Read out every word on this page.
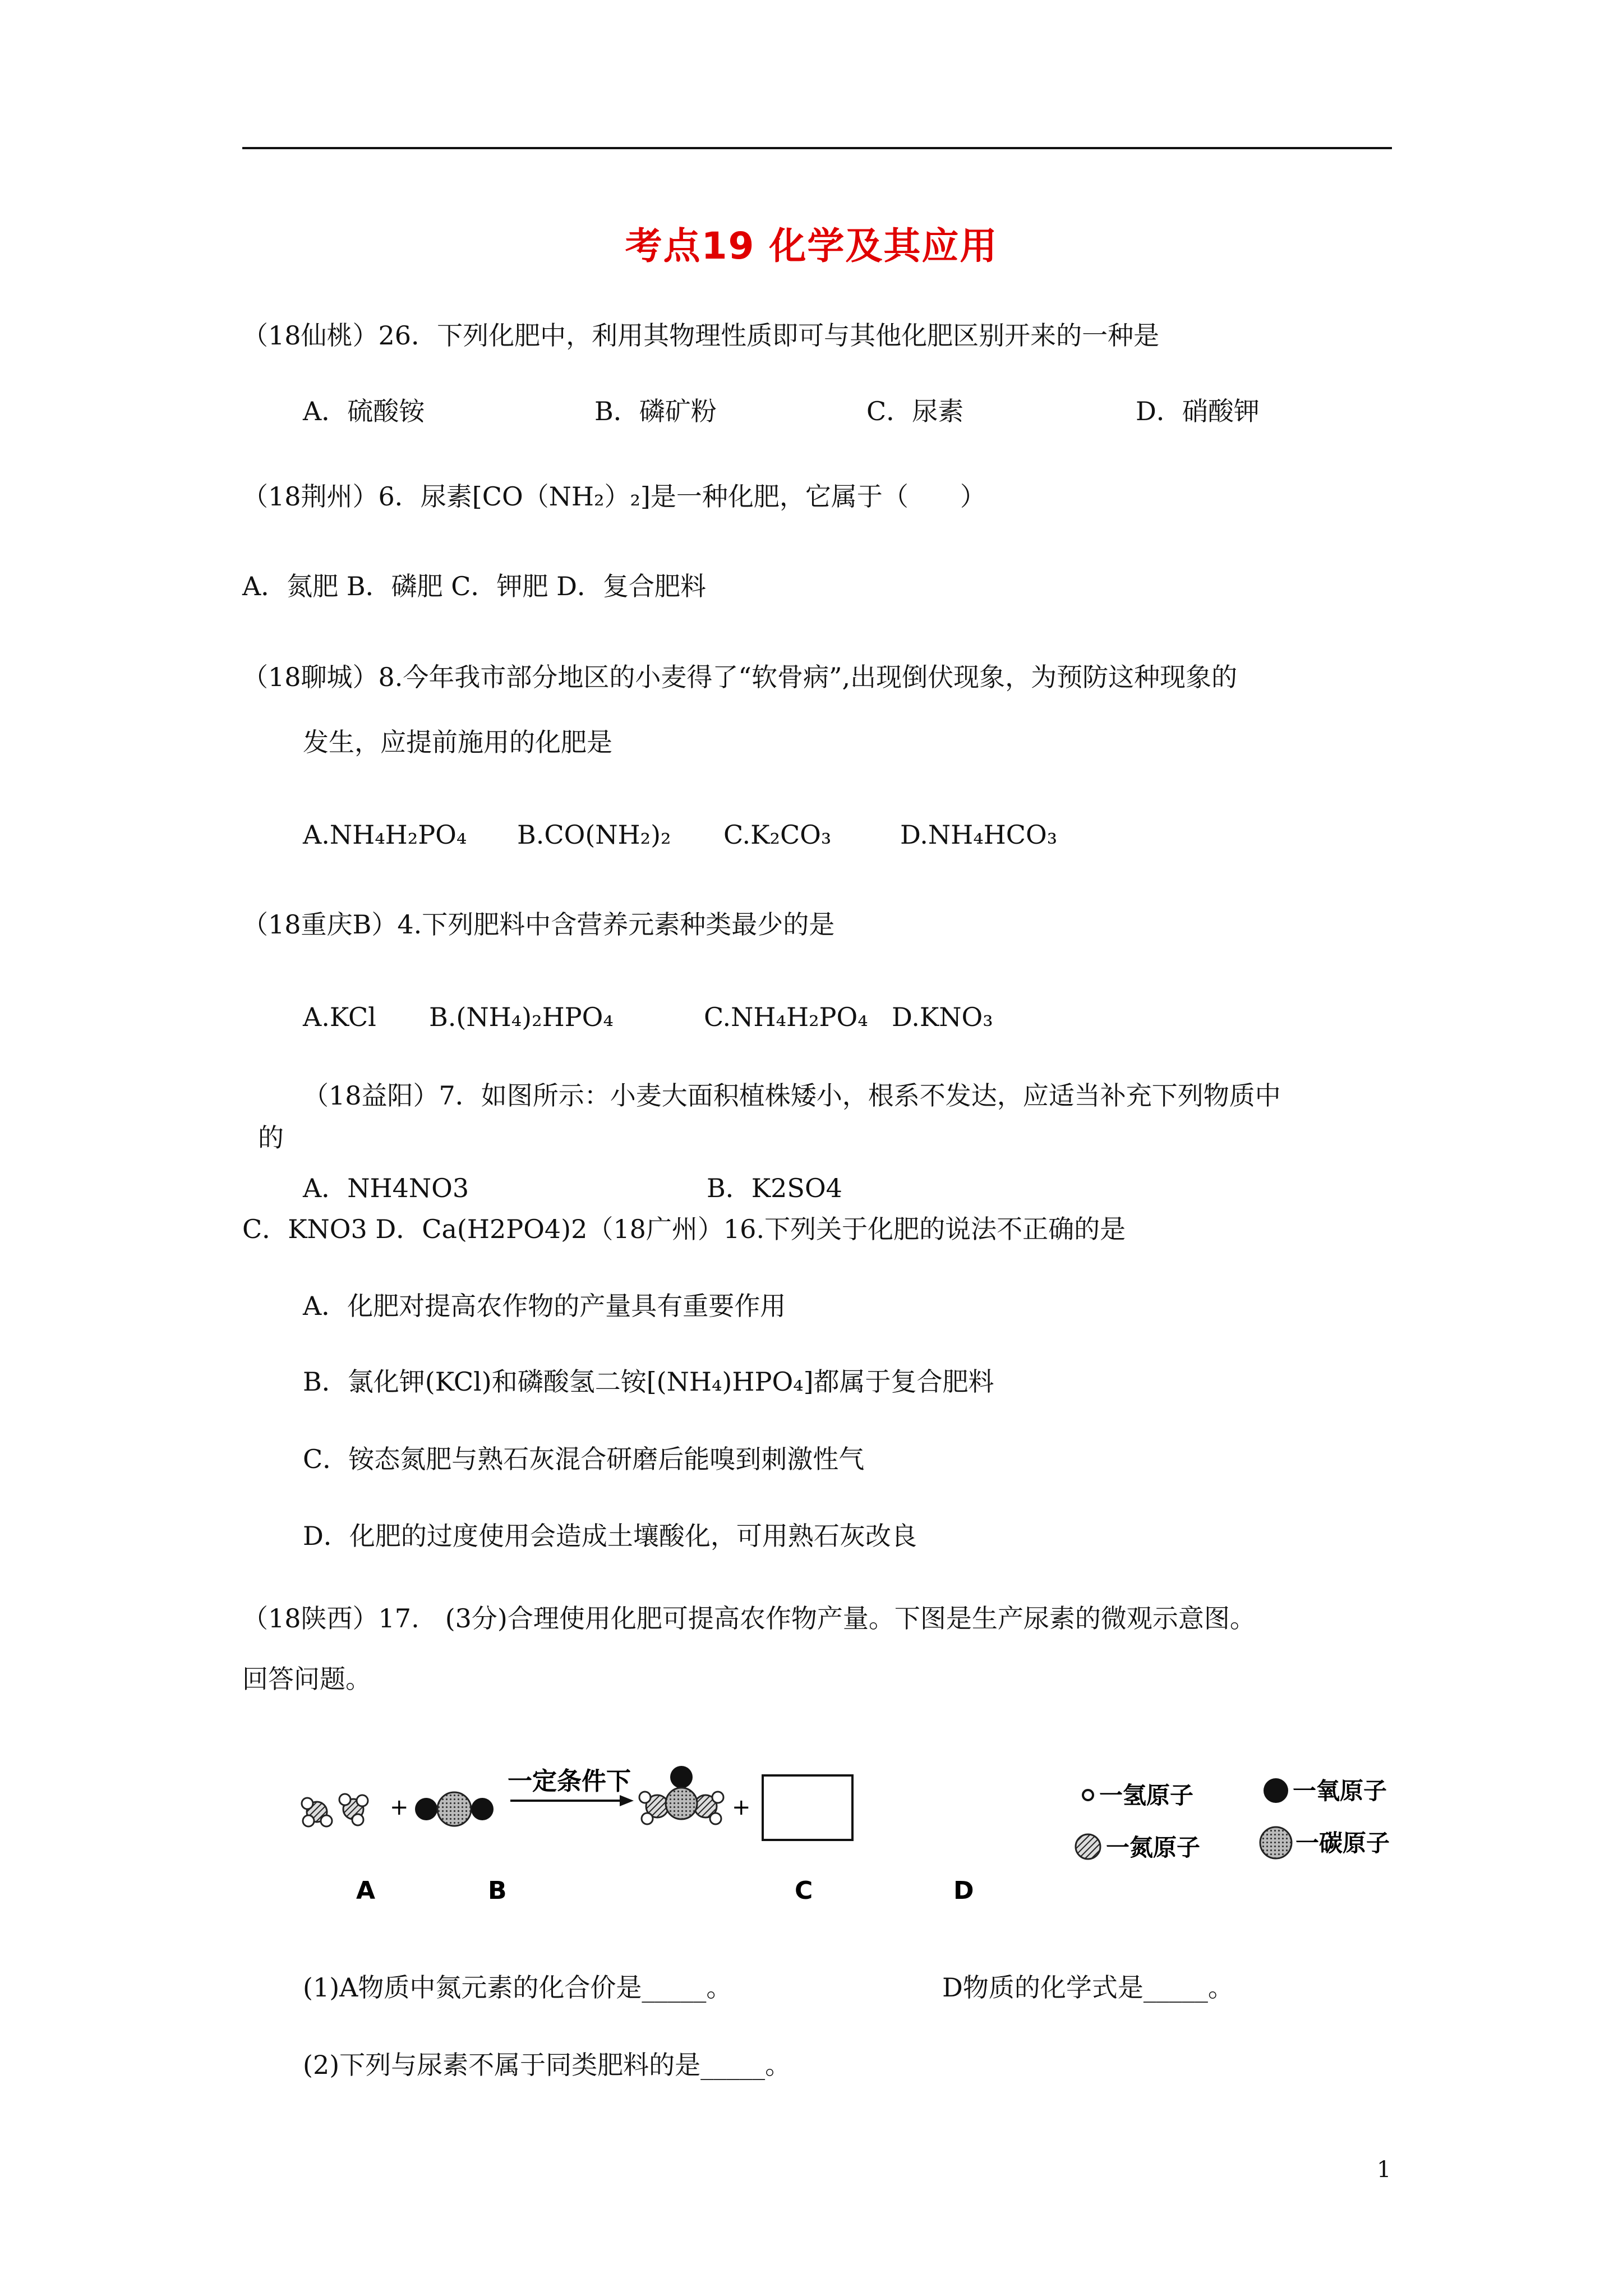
考点19 化学及其应用
（18仙桃）26．下列化肥中，利用其物理性质即可与其他化肥区别开来的一种是
A．硫酸铵	B．磷矿粉	C．尿素	D．硝酸钾
（18荆州）6．尿素[CO（NH₂）₂]是一种化肥，它属于（　　）
A．氮肥 B．磷肥 C．钾肥 D．复合肥料
（18聊城）8.今年我市部分地区的小麦得了“软骨病”,出现倒伏现象，为预防这种现象的
发生，应提前施用的化肥是
A.NH₄H₂PO₄ B.CO(NH₂)₂ C.K₂CO₃	D.NH₄HCO₃
（18重庆B）4.下列肥料中含营养元素种类最少的是
A.KCl B.(NH₄)₂HPO₄	C.NH₄H₂PO₄ D.KNO₃
（18益阳）7．如图所示：小麦大面积植株矮小，根系不发达，应适当补充下列物质中
的
A．NH4NO3	B．K2SO4
C．KNO3 D．Ca(H2PO4)2（18广州）16.下列关于化肥的说法不正确的是
A．化肥对提高农作物的产量具有重要作用
B．氯化钾(KCl)和磷酸氢二铵[(NH₄)HPO₄]都属于复合肥料
C．铵态氮肥与熟石灰混合研磨后能嗅到刺激性气
D．化肥的过度使用会造成土壤酸化，可用熟石灰改良
（18陕西）17.　(3分)合理使用化肥可提高农作物产量。下图是生产尿素的微观示意图。
回答问题。
+
一定条件下
+
A	B	C	D
一氢原子	一氧原子
一氮原子	一碳原子
(1)A物质中氮元素的化合价是_____。	D物质的化学式是_____。
(2)下列与尿素不属于同类肥料的是_____。
1
